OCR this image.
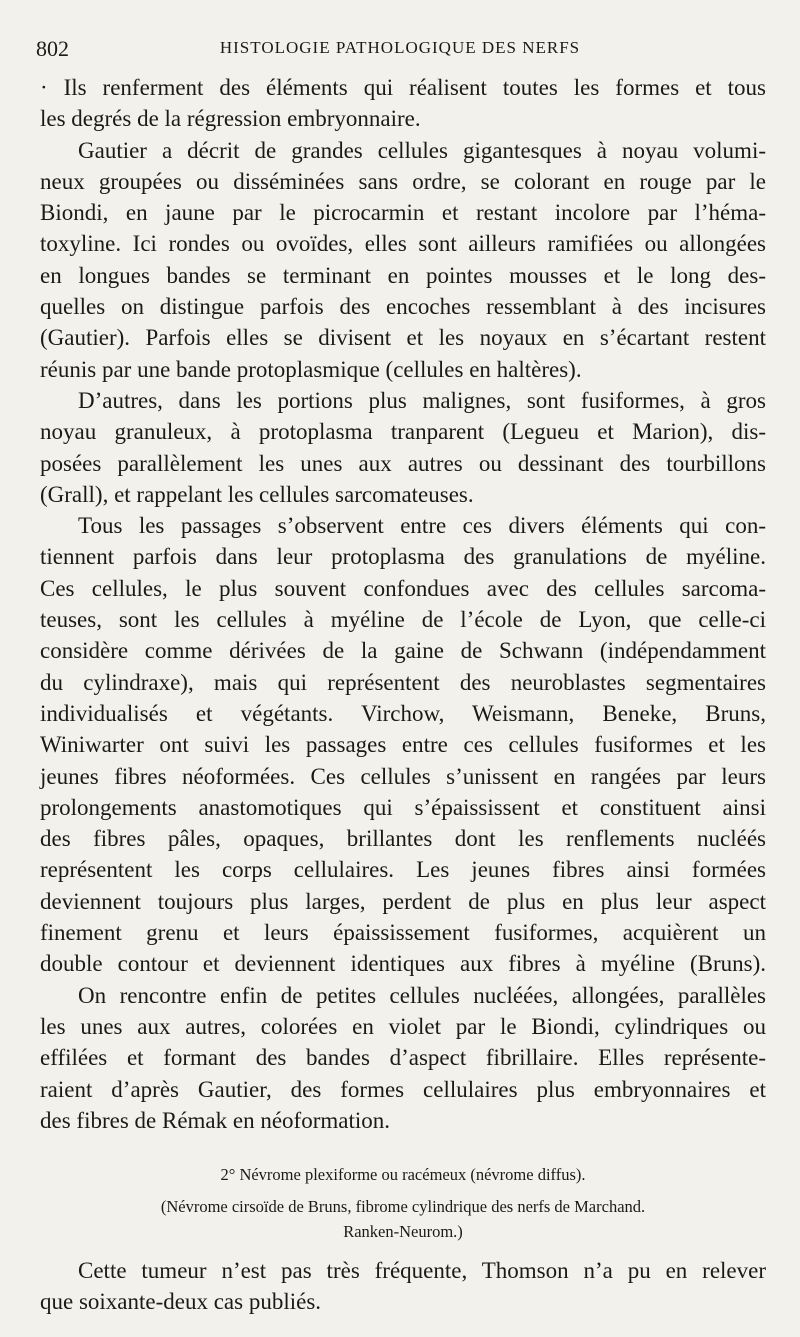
802	HISTOLOGIE PATHOLOGIQUE DES NERFS
· Ils renferment des éléments qui réalisent toutes les formes et tous
les degrés de la régression embryonnaire.
Gautier a décrit de grandes cellules gigantesques à noyau volumi-
neux groupées ou disséminées sans ordre, se colorant en rouge par le
Biondi, en jaune par le picrocarmin et restant incolore par l’héma-
toxyline. Ici rondes ou ovoïdes, elles sont ailleurs ramifiées ou allongées
en longues bandes se terminant en pointes mousses et le long des-
quelles on distingue parfois des encoches ressemblant à des incisures
(Gautier). Parfois elles se divisent et les noyaux en s’écartant restent
réunis par une bande protoplasmique (cellules en haltères).
D’autres, dans les portions plus malignes, sont fusiformes, à gros
noyau granuleux, à protoplasma tranparent (Legueu et Marion), dis-
posées parallèlement les unes aux autres ou dessinant des tourbillons
(Grall), et rappelant les cellules sarcomateuses.
Tous les passages s’observent entre ces divers éléments qui con-
tiennent parfois dans leur protoplasma des granulations de myéline.
Ces cellules, le plus souvent confondues avec des cellules sarcoma-
teuses, sont les cellules à myéline de l’école de Lyon, que celle-ci
considère comme dérivées de la gaine de Schwann (indépendamment
du cylindraxe), mais qui représentent des neuroblastes segmentaires
individualisés et végétants. Virchow, Weismann, Beneke, Bruns,
Winiwarter ont suivi les passages entre ces cellules fusiformes et les
jeunes fibres néoformées. Ces cellules s’unissent en rangées par leurs
prolongements anastomotiques qui s’épaississent et constituent ainsi
des fibres pâles, opaques, brillantes dont les renflements nucléés
représentent les corps cellulaires. Les jeunes fibres ainsi formées
deviennent toujours plus larges, perdent de plus en plus leur aspect
finement grenu et leurs épaississement fusiformes, acquièrent un
double contour et deviennent identiques aux fibres à myéline (Bruns).
On rencontre enfin de petites cellules nucléées, allongées, parallèles
les unes aux autres, colorées en violet par le Biondi, cylindriques ou
effilées et formant des bandes d’aspect fibrillaire. Elles représente-
raient d’après Gautier, des formes cellulaires plus embryonnaires et
des fibres de Rémak en néoformation.
2° Névrome plexiforme ou racémeux (névrome diffus).
(Névrome cirsoïde de Bruns, fibrome cylindrique des nerfs de Marchand.
Ranken-Neurom.)
Cette tumeur n’est pas très fréquente, Thomson n’a pu en relever
que soixante-deux cas publiés.
